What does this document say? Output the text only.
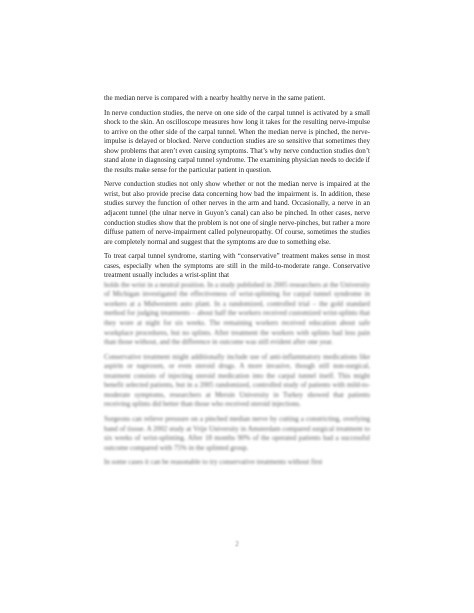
the median nerve is compared with a nearby healthy nerve in the same patient.

In nerve conduction studies, the nerve on one side of the carpal tunnel is activated by a small shock to the skin. An oscilloscope measures how long it takes for the resulting nerve-impulse to arrive on the other side of the carpal tunnel. When the median nerve is pinched, the nerve-impulse is delayed or blocked. Nerve conduction studies are so sensitive that sometimes they show problems that aren’t even causing symptoms. That’s why nerve conduction studies don’t stand alone in diagnosing carpal tunnel syndrome. The examining physician needs to decide if the results make sense for the particular patient in question.

Nerve conduction studies not only show whether or not the median nerve is impaired at the wrist, but also provide precise data concerning how bad the impairment is. In addition, these studies survey the function of other nerves in the arm and hand. Occasionally, a nerve in an adjacent tunnel (the ulnar nerve in Guyon’s canal) can also be pinched. In other cases, nerve conduction studies show that the problem is not one of single nerve-pinches, but rather a more diffuse pattern of nerve-impairment called polyneuropathy. Of course, sometimes the studies are completely normal and suggest that the symptoms are due to something else.

To treat carpal tunnel syndrome, starting with “conservative” treatment makes sense in most cases, especially when the symptoms are still in the mild-to-moderate range. Conservative treatment usually includes a wrist-splint that

holds the wrist in a neutral position. In a study published in 2005 researchers at the University of Michigan investigated the effectiveness of wrist-splinting for carpal tunnel syndrome in workers at a Midwestern auto plant. In a randomized, controlled trial – the gold standard method for judging treatments – about half the workers received customized wrist-splints that they wore at night for six weeks. The remaining workers received education about safe workplace procedures, but no splints. After treatment the workers with splints had less pain than those without, and the difference in outcome was still evident after one year.

Conservative treatment might additionally include use of anti-inflammatory medications like aspirin or naproxen, or even steroid drugs. A more invasive, though still non-surgical, treatment consists of injecting steroid medication into the carpal tunnel itself. This might benefit selected patients, but in a 2005 randomized, controlled study of patients with mild-to-moderate symptoms, researchers at Mersin University in Turkey showed that patients receiving splints did better than those who received steroid injections.

Surgeons can relieve pressure on a pinched median nerve by cutting a constricting, overlying band of tissue. A 2002 study at Vrije University in Amsterdam compared surgical treatment to six weeks of wrist-splinting. After 18 months 90% of the operated patients had a successful outcome compared with 75% in the splinted group.

In some cases it can be reasonable to try conservative treatments without first

2
